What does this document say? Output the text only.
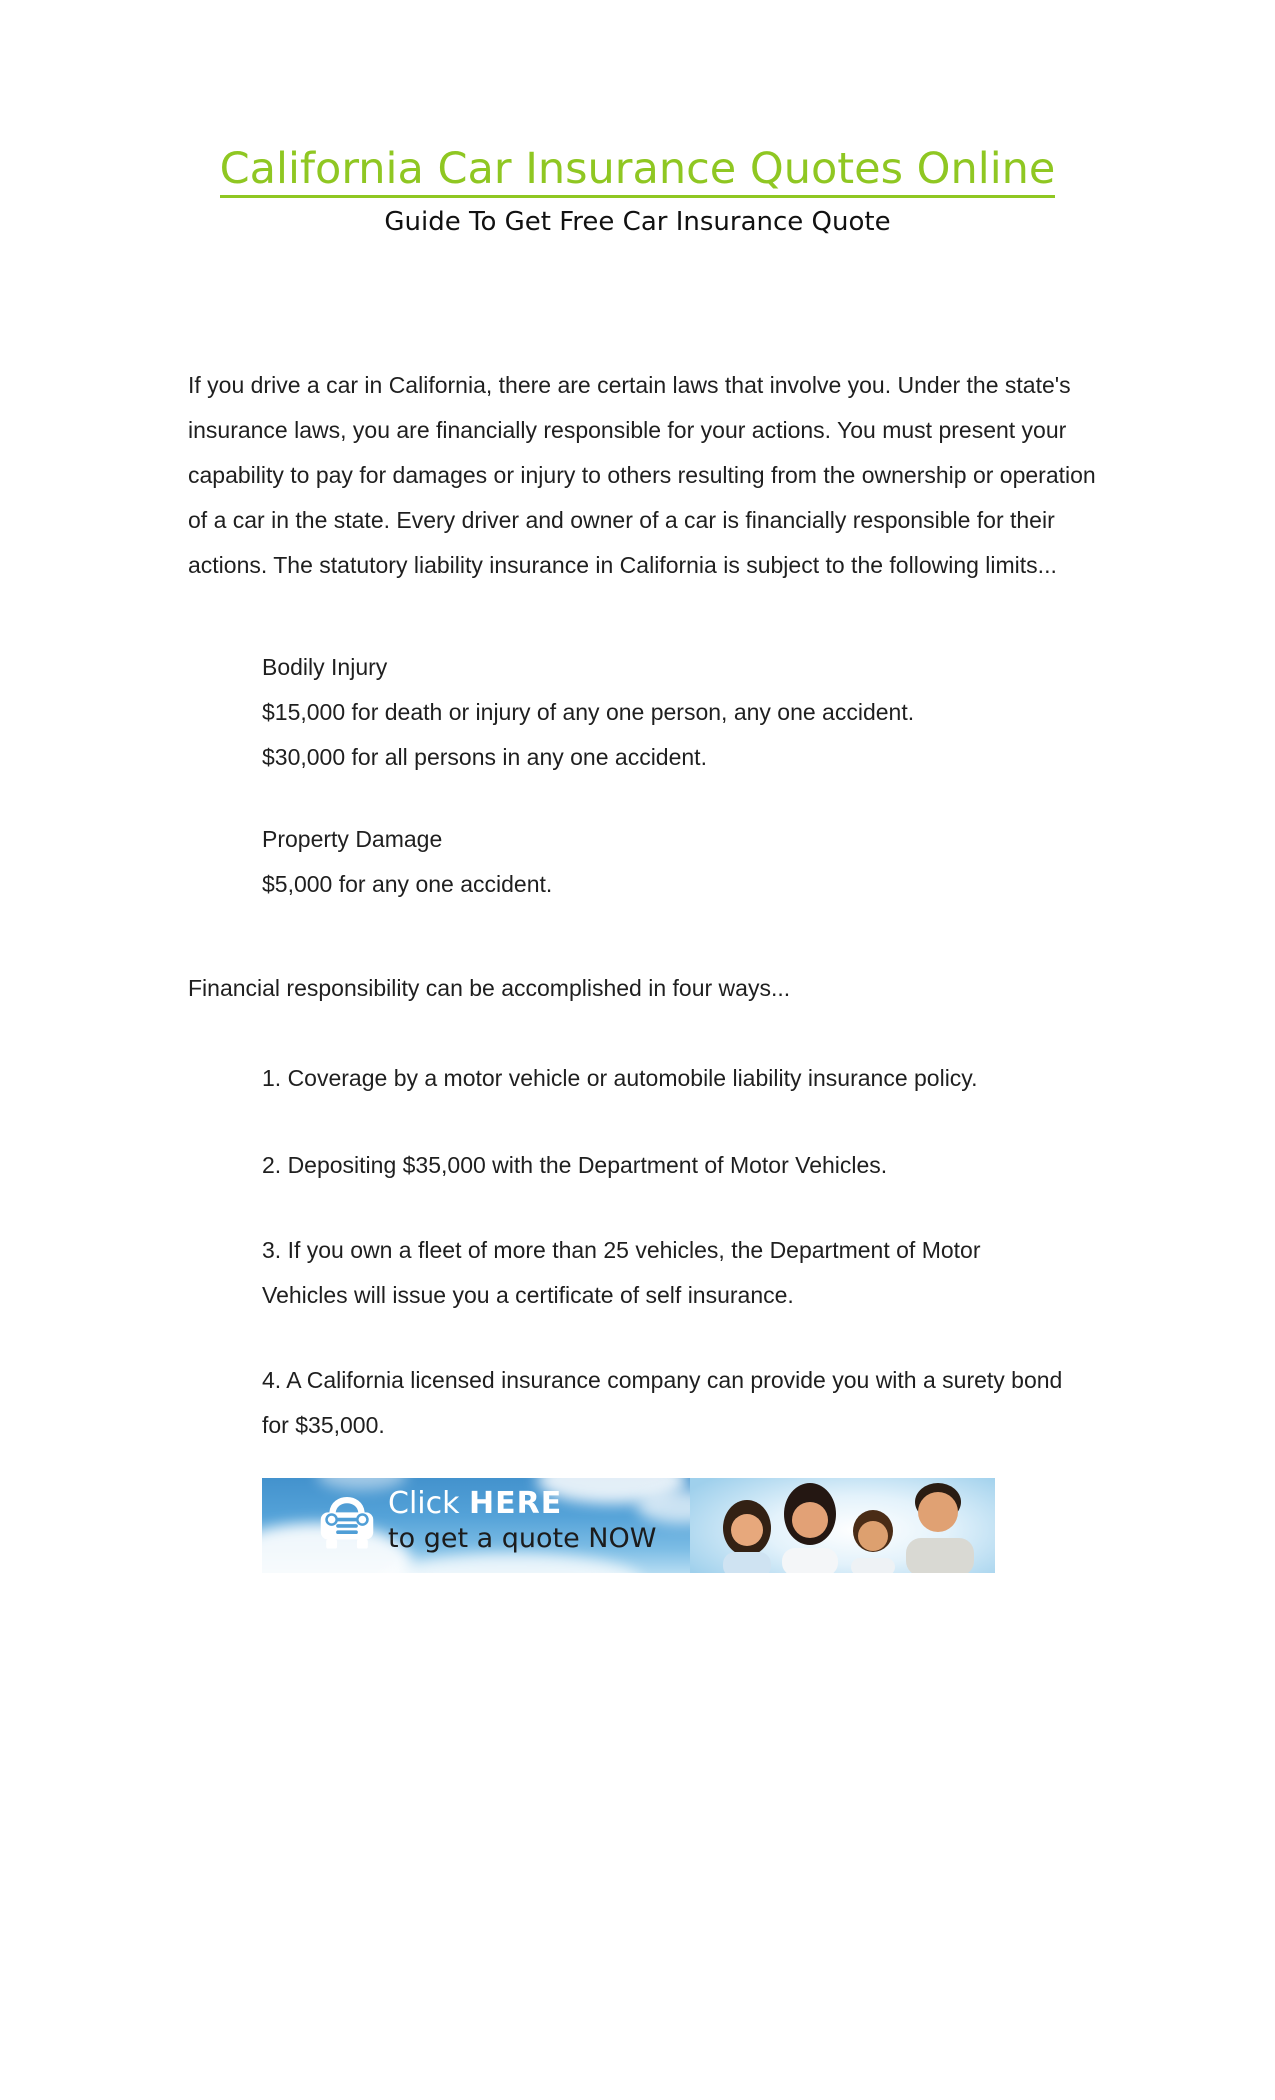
California Car Insurance Quotes Online
Guide To Get Free Car Insurance Quote

If you drive a car in California, there are certain laws that involve you. Under the state's insurance laws, you are financially responsible for your actions. You must present your capability to pay for damages or injury to others resulting from the ownership or operation of a car in the state. Every driver and owner of a car is financially responsible for their actions. The statutory liability insurance in California is subject to the following limits...

Bodily Injury
$15,000 for death or injury of any one person, any one accident.
$30,000 for all persons in any one accident.
Property Damage
$5,000 for any one accident.

Financial responsibility can be accomplished in four ways...

1. Coverage by a motor vehicle or automobile liability insurance policy.

2. Depositing $35,000 with the Department of Motor Vehicles.

3. If you own a fleet of more than 25 vehicles, the Department of Motor Vehicles will issue you a certificate of self insurance.

4. A California licensed insurance company can provide you with a surety bond for $35,000.

Click HERE
to get a quote NOW
